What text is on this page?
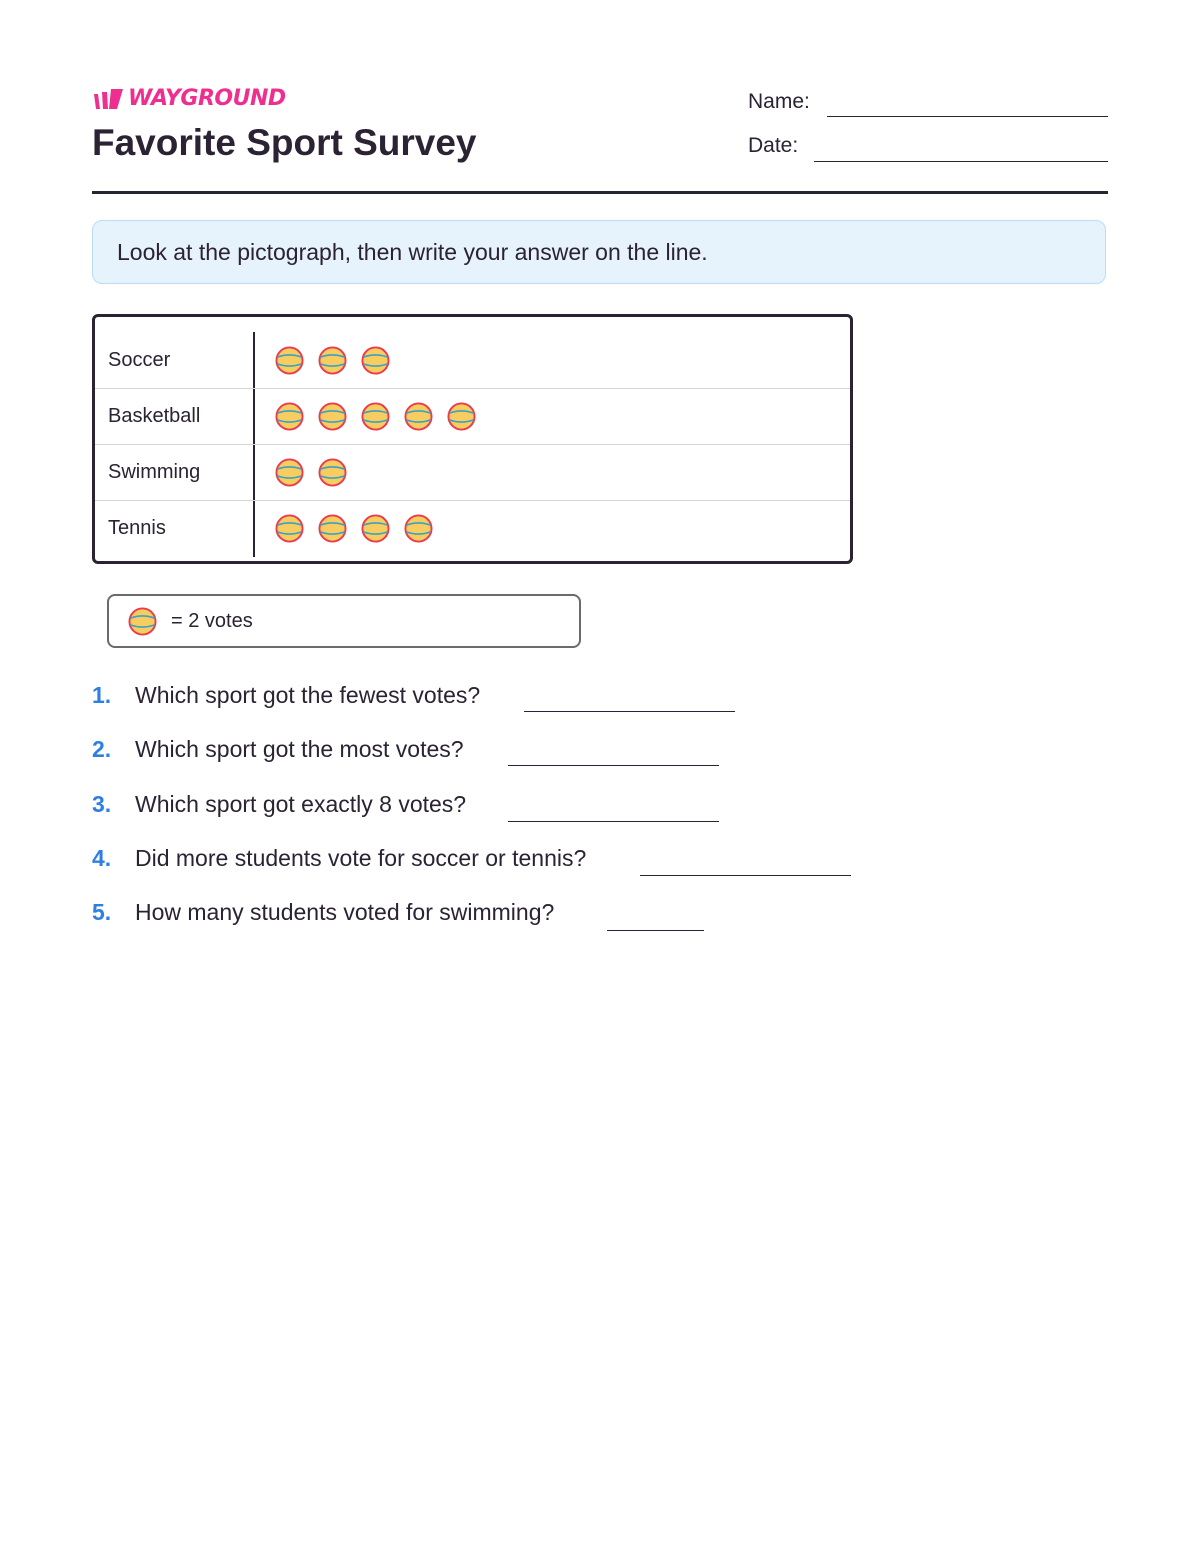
WAYGROUND
Favorite Sport Survey
Name:
Date:
Look at the pictograph, then write your answer on the line.
Soccer
Basketball
Swimming
Tennis
= 2 votes
1.	Which sport got the fewest votes?
2.	Which sport got the most votes?
3.	Which sport got exactly 8 votes?
4.	Did more students vote for soccer or tennis?
5.	How many students voted for swimming?
